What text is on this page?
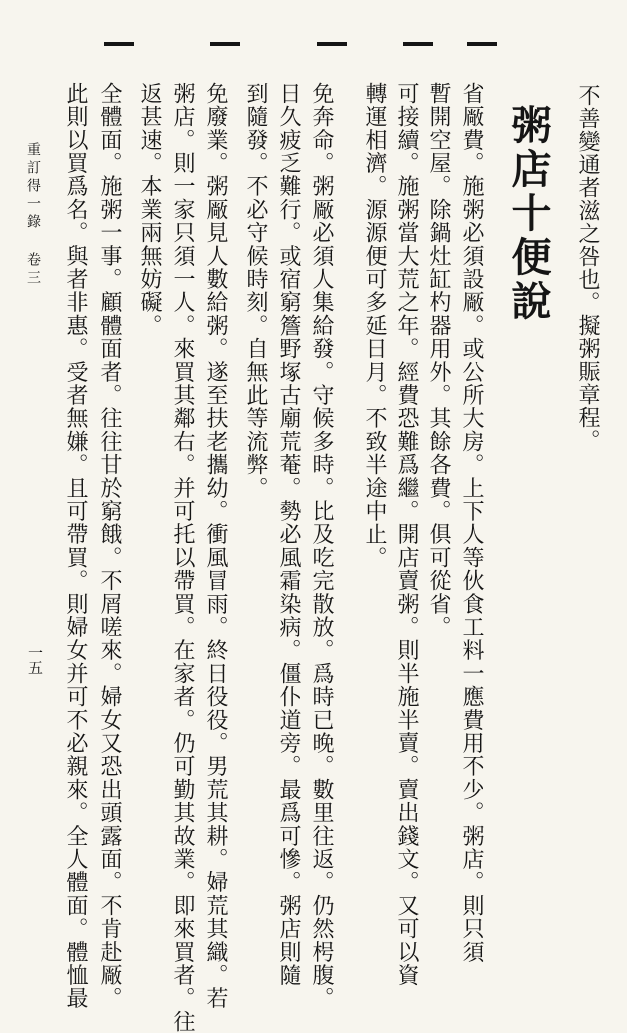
不善變通者滋之咎也。擬粥賑章程。
粥店十便說
省厰費。施粥必須設厰。或公所大房。上下人等伙食工料一應費用不少。粥店。則只須
暫開空屋。除鍋灶缸杓器用外。其餘各費。俱可從省。
可接續。施粥當大荒之年。經費恐難爲繼。開店賣粥。則半施半賣。賣出錢文。又可以資
轉運相濟。源源便可多延日月。不致半途中止。
免奔命。粥厰必須人集給發。守候多時。比及吃完散放。爲時已晚。數里往返。仍然枵腹。
日久疲乏難行。或宿窮簷野塚古廟荒菴。勢必風霜染病。僵仆道旁。最爲可慘。粥店則隨
到隨發。不必守候時刻。自無此等流弊。
免廢業。粥厰見人數給粥。遂至扶老攜幼。衝風冒雨。終日役役。男荒其耕。婦荒其織。若
粥店。則一家只須一人。來買其鄰右。并可托以帶買。在家者。仍可勤其故業。即來買者。往
返甚速。本業兩無妨礙。
全體面。施粥一事。顧體面者。往往甘於窮餓。不屑嗟來。婦女又恐出頭露面。不肯赴厰。
此則以買爲名。與者非惠。受者無嫌。且可帶買。則婦女并可不必親來。全人體面。體恤最
重訂得一錄 卷三
一五
